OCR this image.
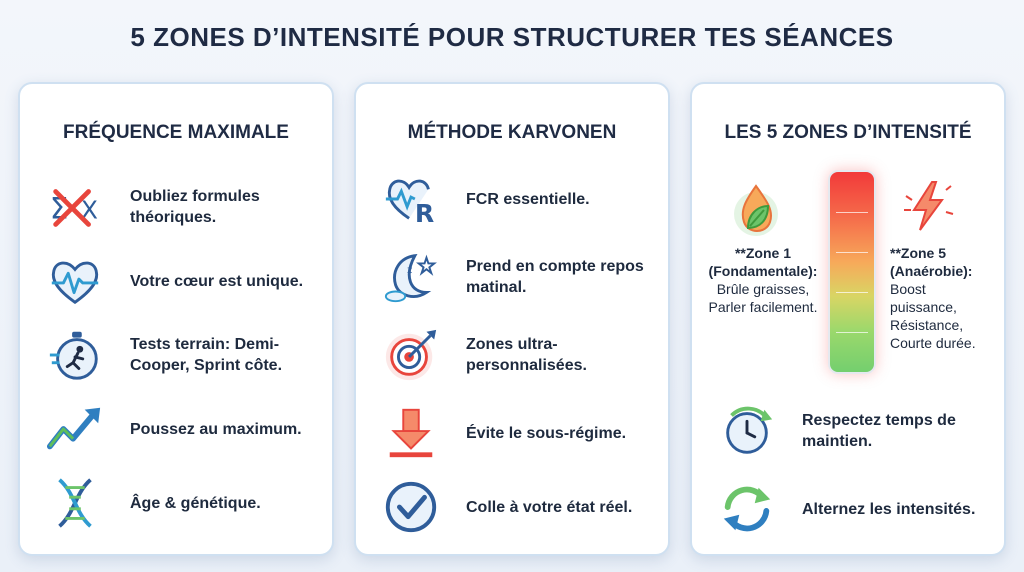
5 ZONES D’INTENSITÉ POUR STRUCTURER TES SÉANCES
FRÉQUENCE MAXIMALE
Σ X Oubliez formules théoriques.
Votre cœur est unique.
Tests terrain: Demi-Cooper, Sprint côte.
Poussez au maximum.
Âge & génétique.
MÉTHODE KARVONEN
R
FCR essentielle.
z	Prend en compte repos matinal.
Zones ultra-personnalisées.
Évite le sous-régime.
Colle à votre état réel.
LES 5 ZONES D’INTENSITÉ
**Zone 1
(Fondamentale):
Brûle graisses,
Parler facilement.
**Zone 5
(Anaérobie):
Boost
puissance,
Résistance,
Courte durée.
Respectez temps de maintien.
Alternez les intensités.
